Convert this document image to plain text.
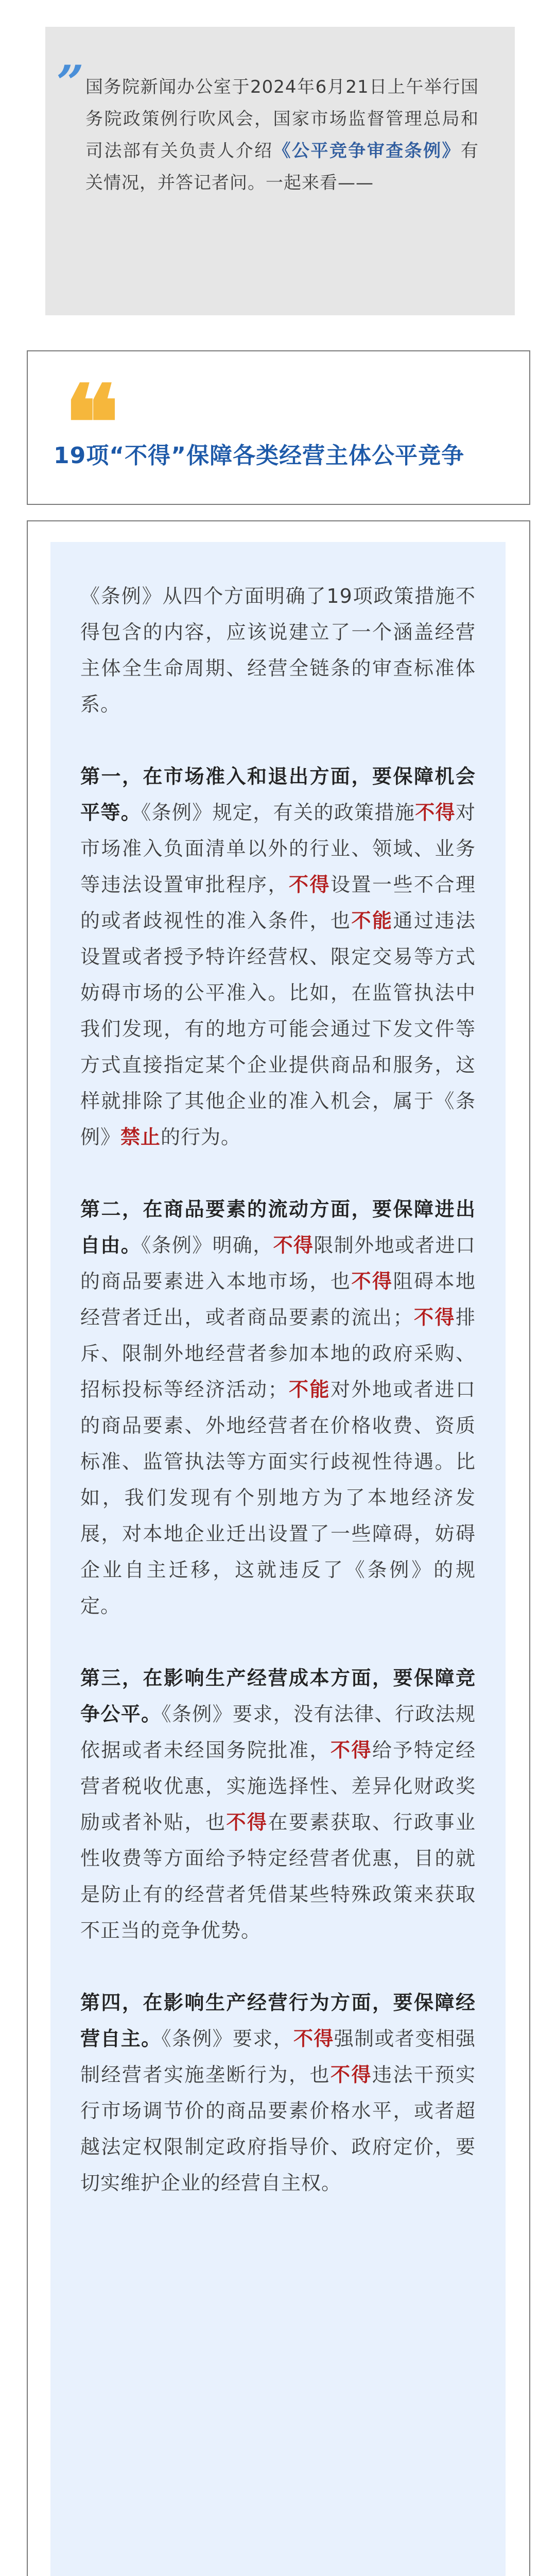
„
国务院新闻办公室于2024年6月21日上午举行国务院政策例行吹风会，国家市场监督管理总局和司法部有关负责人介绍《公平竞争审查条例》有关情况，并答记者问。一起来看——
❝
19项“不得”保障各类经营主体公平竞争

《条例》从四个方面明确了19项政策措施不得包含的内容，应该说建立了一个涵盖经营主体全生命周期、经营全链条的审查标准体系。

第一，在市场准入和退出方面，要保障机会平等。《条例》规定，有关的政策措施不得对市场准入负面清单以外的行业、领域、业务等违法设置审批程序，不得设置一些不合理的或者歧视性的准入条件，也不能通过违法设置或者授予特许经营权、限定交易等方式妨碍市场的公平准入。比如，在监管执法中我们发现，有的地方可能会通过下发文件等方式直接指定某个企业提供商品和服务，这样就排除了其他企业的准入机会，属于《条例》禁止的行为。

第二，在商品要素的流动方面，要保障进出自由。《条例》明确，不得限制外地或者进口的商品要素进入本地市场，也不得阻碍本地经营者迁出，或者商品要素的流出；不得排斥、限制外地经营者参加本地的政府采购、招标投标等经济活动；不能对外地或者进口的商品要素、外地经营者在价格收费、资质标准、监管执法等方面实行歧视性待遇。比如，我们发现有个别地方为了本地经济发展，对本地企业迁出设置了一些障碍，妨碍企业自主迁移，这就违反了《条例》的规定。

第三，在影响生产经营成本方面，要保障竞争公平。《条例》要求，没有法律、行政法规依据或者未经国务院批准，不得给予特定经营者税收优惠，实施选择性、差异化财政奖励或者补贴，也不得在要素获取、行政事业性收费等方面给予特定经营者优惠，目的就是防止有的经营者凭借某些特殊政策来获取不正当的竞争优势。

第四，在影响生产经营行为方面，要保障经营自主。《条例》要求，不得强制或者变相强制经营者实施垄断行为，也不得违法干预实行市场调节价的商品要素价格水平，或者超越法定权限制定政府指导价、政府定价，要切实维护企业的经营自主权。
